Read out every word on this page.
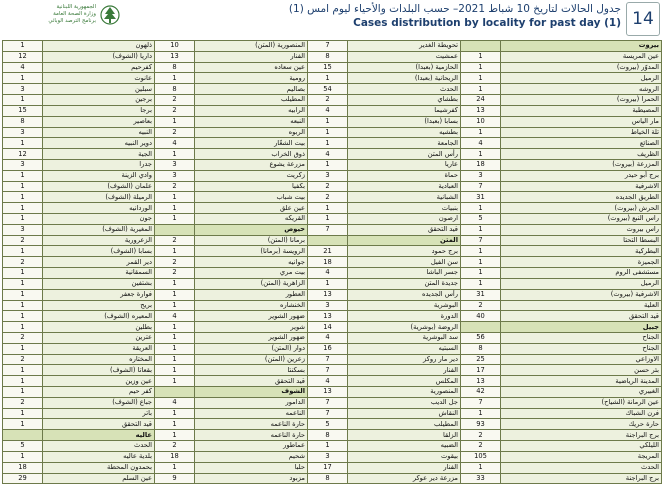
الجمهورية اللبنانية
وزارة الصحة العامة
برنامج الترصد الوبائي
جدول الحالات لتاريخ 10 شباط 2021– حسب البلدات والأحياء ليوم امس (1)
Cases distribution by locality for past day (1) 14
1	ذلهون	10	المنصورية (المتن)	7	تحويطة الغدير		بيروت
12	داريا (الشوف)	13	الفنار	8	عمشيت	1	عين المريسة
4	كفرحيم	8	عين سعاده	15	الحازمية (بعبدا)	1	المدوّر (بيروت)
1	عانوت	1	رومية	1	الريحانية (بعبدا)	1	الرميل
3	سبلين	8	بصاليم	54	الحدث	1	الروشه
1	برجين	2	المطيلب	2	بطشاي	24	الحمرا (بيروت)
15	برجا	2	الرابيه	4	كفرشيما	13	المصيطبة
8	بعاصير	1	النبعه	1	بسابا (بعبدا)	10	مار الياس
3	النبيه	2	الربوه	1	بطشيه	1	تلة الخياط
1	دوير النبيه	4	بيت الشعّار	1	الجامعة	4	الصنائع
12	الجية	1	ذوق الخراب	4	رأس المتن	1	الظريف
3	جدرا	3	مزرعة يشوع	1	عاريا	18	المزرعة (بيروت)
1	وادي الزينة	3	زكريت	3	حماة	3	برج أبو حيدر
1	علمان (الشوف)	2	بكفيا	2	العبادية	7	الاشرفية
1	الرميلة (الشوف)	1	بيت شباب	2	الشبانية	31	الطريق الجديده
1	الوردانيه	1	عين علق	1	بنبيات	1	الحرش (بيروت)
1	جون	1	القريكه	1	ارصون	5	راس النبع (بيروت)
3	المغيرية (الشوف)		حيوص	7	قيد التحقق	1	راس بيروت
2	الزعرورية	2	برمانا (المتن)		المتن	7	البسطا التحتا
1	بسابا (الشوف)	1	الرويسة (برمانا)	21	برج حمود	1	البطركية
2	دير القمر	2	جوانيه	18	سن الفيل	1	الجميزة
1	السمقانية	2	بيت مري	4	جسر الباشا	1	مستشفى الروم
1	بشتفين	1	الزاهرية (المتن)	1	جديدة المتن	1	الرميل
1	فوارة جعفر	1	العطور	13	رأس الجديده	31	الاشرفية (بيروت)
1	بريح	1	الخنشاره	3	البوشرية	2	العلية
1	المعيره (الشوف)	4	ضهور الشوير	13	الدورة	40	قيد التحقق
1	بطلين	1	شوير	14	الروضة (بوشرية)		جبيل
2	عترين	1	ضهور الشوير	4	سد البوشرية	56	الجناح
1	العريقة	1	دوار (المتن)	16	السبتيه	8	الجناح
2	المختاره	1	زعرين (المتن)	7	دير مار روكز	25	الاوزاعي
1	بقعاتا (الشوف)	1	بسكنتا	7	الفنار	17	بئر حسن
1	عين وزين	1	قيد التحقق	4	المكلس	13	المدينة الرياضية
1	كفر حيم		الشوف	13	المنصورية	42	الغبيري
2	جباع (الشوف)	4	الدامور	7	جل الديب	7	عين الرمانة (الشياح)
1	باتر	1	الناعمه	7	النقاش	1	فرن الشباك
1	قيد التحقق	1	حارة الناعمه	5	المطيلب	93	حارة حريك
	عاليه	1	حارة الناعمه	8	الزلقا	2	برج البراجنة
5	الحدث	2	عماطور	1	الضبيه	2	الليلكي
1	بلدية عاليه	18	شحيم	3	بيقوت	105	المريجة
18	بحمدون المحطة	1	حلبا	17	الفنار	1	الحدث
29	عين السلم	9	مزبود	8	مزرعة دير عوكر	33	برج البراجنة
